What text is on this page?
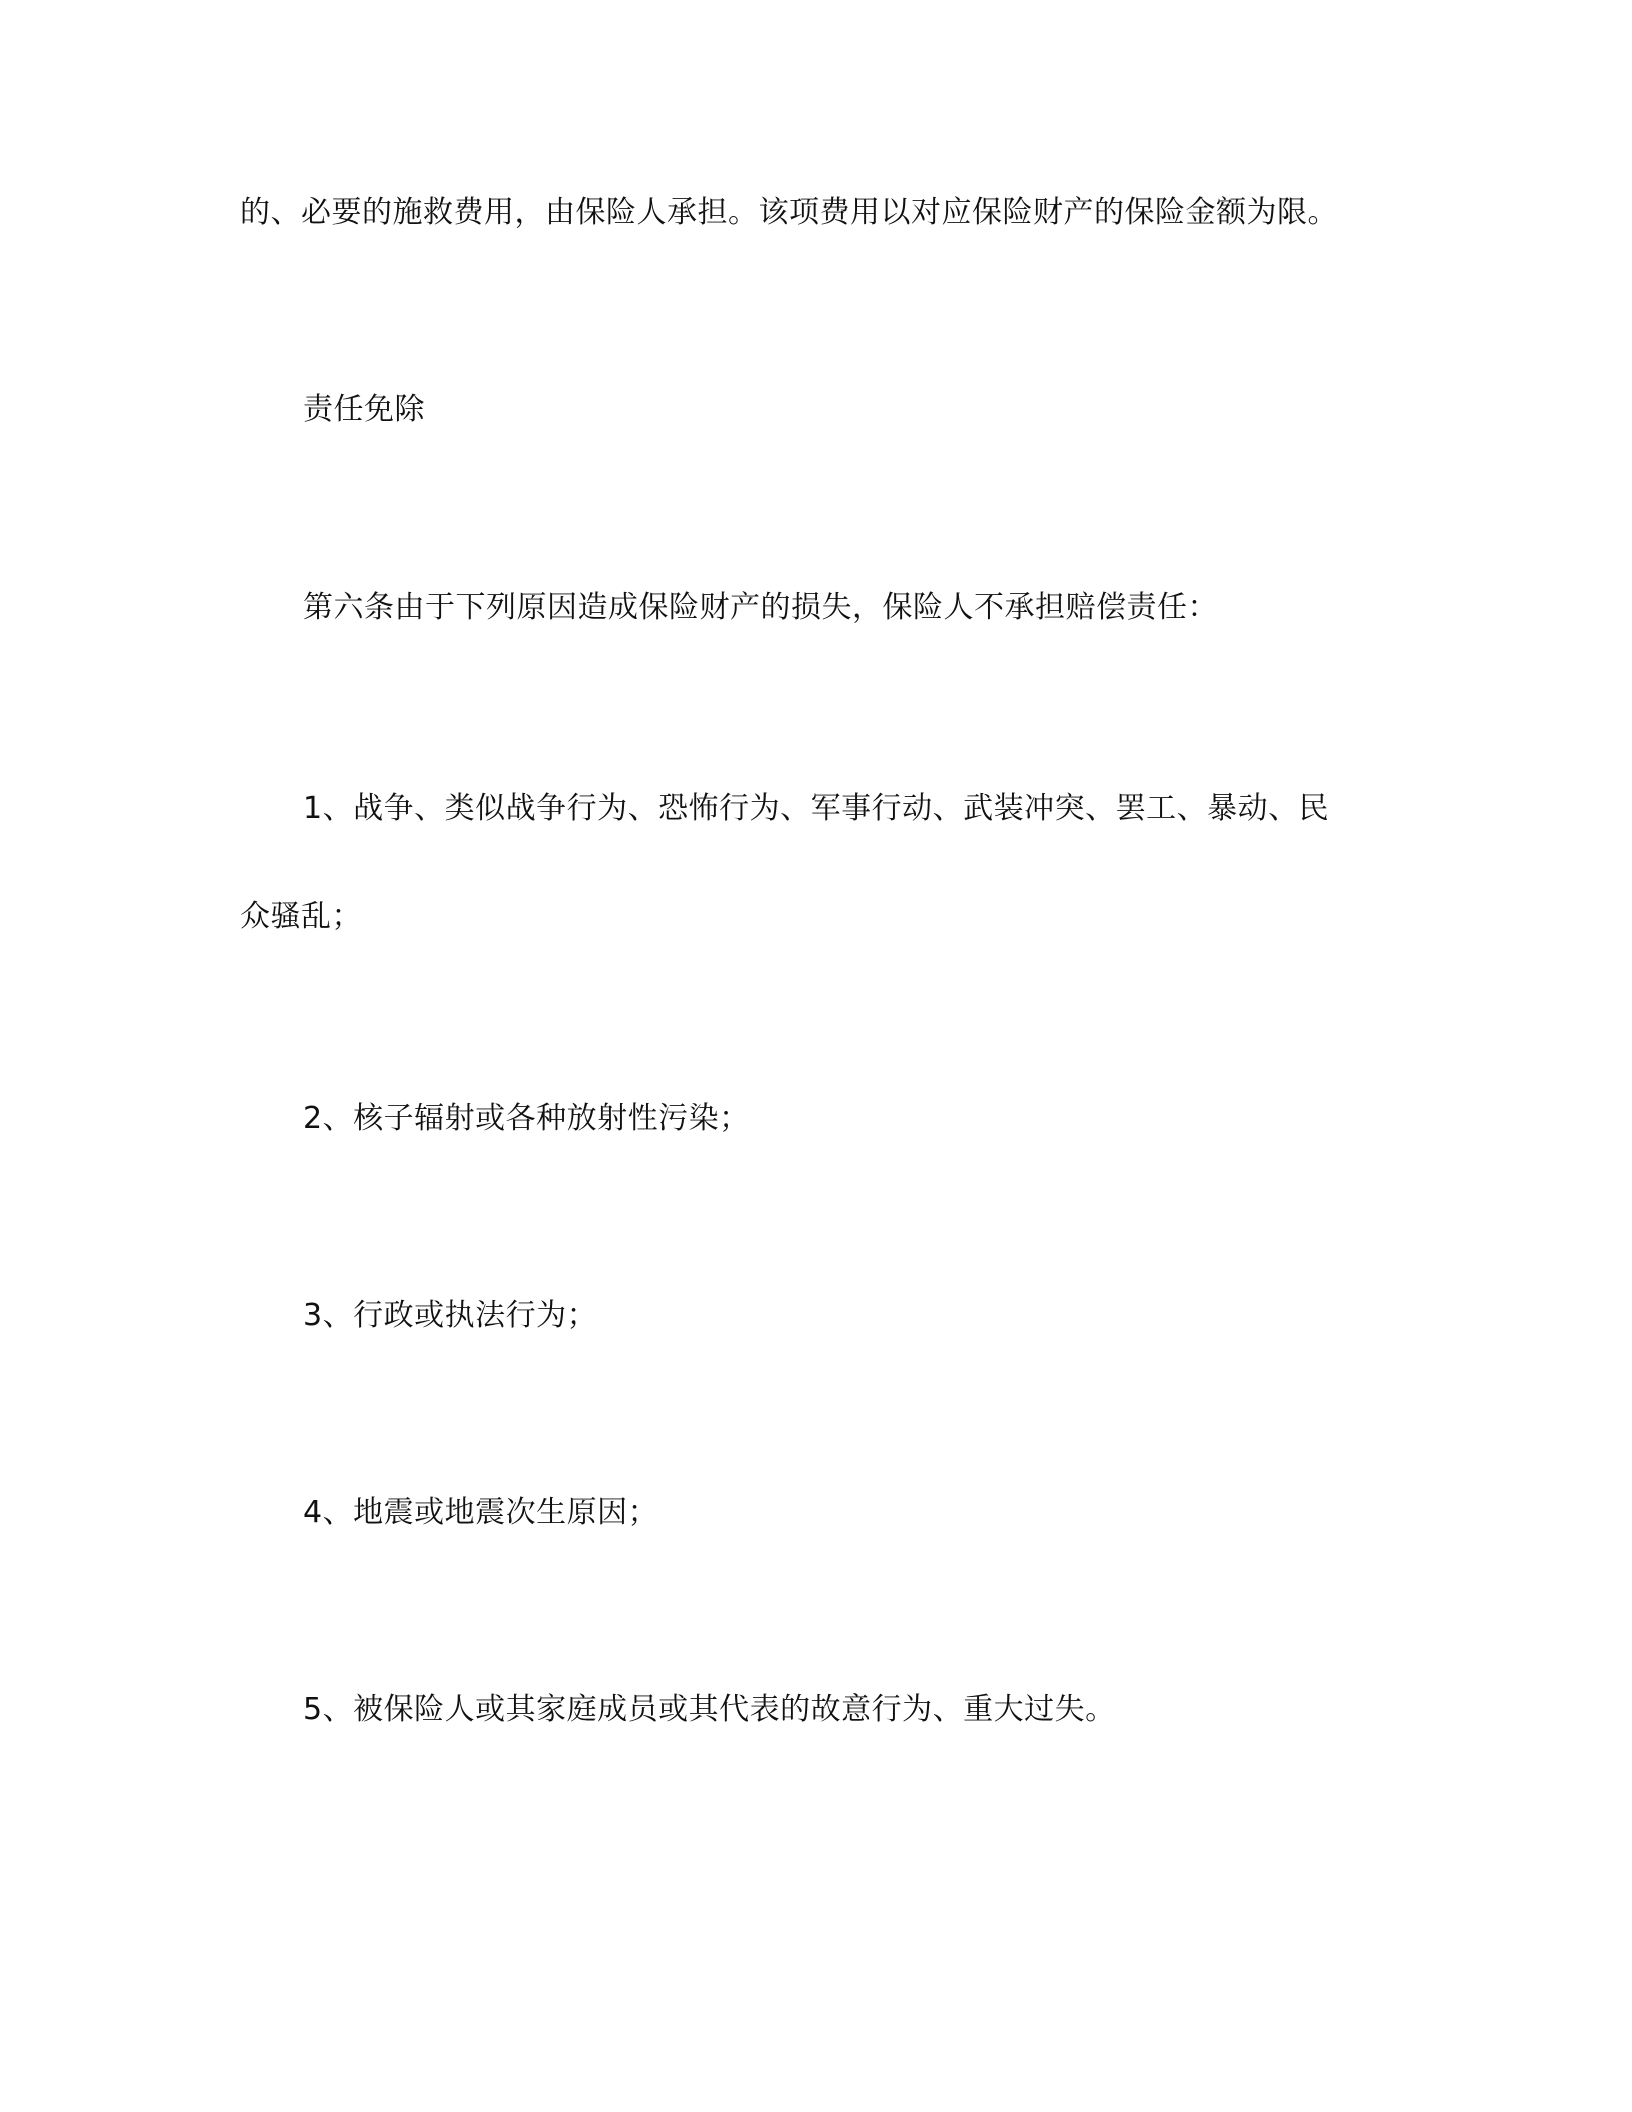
的、必要的施救费用，由保险人承担。该项费用以对应保险财产的保险金额为限。
责任免除
第六条由于下列原因造成保险财产的损失，保险人不承担赔偿责任：
1、战争、类似战争行为、恐怖行为、军事行动、武装冲突、罢工、暴动、民
众骚乱；
2、核子辐射或各种放射性污染；
3、行政或执法行为；
4、地震或地震次生原因；
5、被保险人或其家庭成员或其代表的故意行为、重大过失。
